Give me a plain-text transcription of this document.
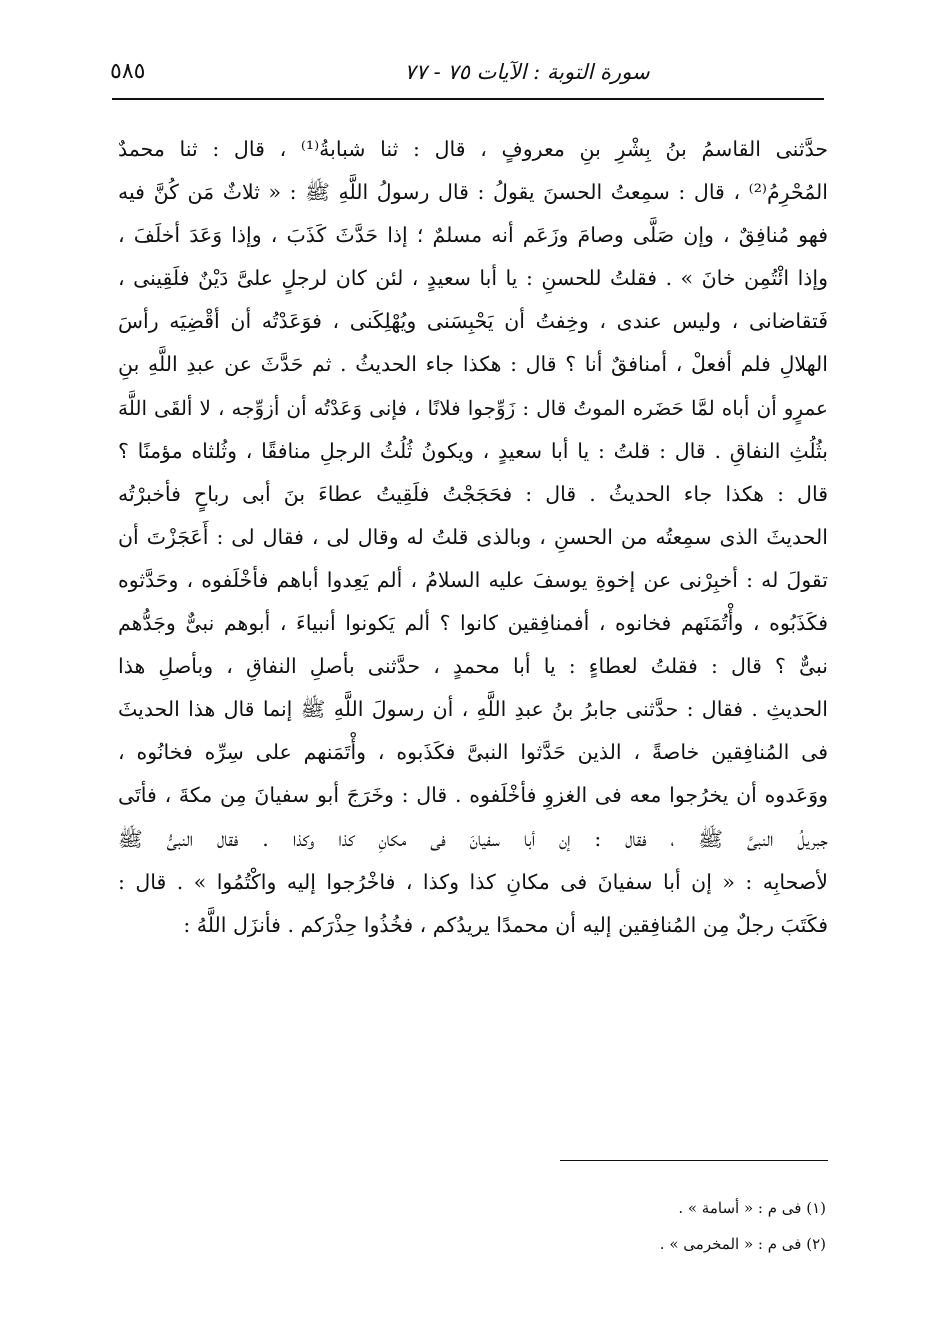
سورة التوبة : الآيات ٧٥ - ٧٧
٥٨٥
حدَّثنى القاسمُ بنُ بِشْرِ بنِ معروفٍ ، قال : ثنا شبابةُ⁽¹⁾ ، قال : ثنا محمدٌ
المُحْرِمُ⁽²⁾ ، قال : سمِعتُ الحسنَ يقولُ : قال رسولُ اللَّهِ ﷺ : « ثلاثٌ مَن كُنَّ فيه
فهو مُنافِقٌ ، وإن صَلَّى وصامَ وزَعَم أنه مسلمٌ ؛ إذا حَدَّثَ كَذَبَ ، وإذا وَعَدَ أخلَفَ ،
وإذا ائْتُمِن خانَ » . فقلتُ للحسنِ : يا أبا سعيدٍ ، لئن كان لرجلٍ علىَّ دَيْنٌ فلَقِينى ،
فَتقاضانى ، وليس عندى ، وخِفتُ أن يَحْبِسَنى ويُهْلِكَنى ، فوَعَدْتُه أن أقْضِيَه رأسَ
الهلالِ فلم أفعلْ ، أمنافقٌ أنا ؟ قال : هكذا جاء الحديثُ . ثم حَدَّثَ عن عبدِ اللَّهِ بنِ
عمرٍو أن أباه لمَّا حَضَره الموتُ قال : زَوِّجوا فلانًا ، فإنى وَعَدْتُه أن أزوِّجه ، لا ألقَى اللَّهَ
بثُلُثِ النفاقِ . قال : قلتُ : يا أبا سعيدٍ ، ويكونُ ثُلُثُ الرجلِ منافقًا ، وثُلثاه مؤمنًا ؟
قال : هكذا جاء الحديثُ . قال : فحَجَجْتُ فلَقِيتُ عطاءَ بنَ أبى رباحٍ فأخبرْتُه
الحديثَ الذى سمِعتُه من الحسنِ ، وبالذى قلتُ له وقال لى ، فقال لى : أَعَجَزْتَ أن
تقولَ له : أخبِرْنى عن إخوةِ يوسفَ عليه السلامُ ، ألم يَعِدوا أباهم فأخْلَفوه ، وحَدَّثوه
فكَذَبُوه ، وأْتُمَنَهم فخانوه ، أفمنافِقين كانوا ؟ ألم يَكونوا أنبياءَ ، أبوهم نبىٌّ وجَدُّهم
نبىٌّ ؟ قال : فقلتُ لعطاءٍ : يا أبا محمدٍ ، حدَّثنى بأصلِ النفاقِ ، وبأصلِ هذا
الحديثِ . فقال : حدَّثنى جابرُ بنُ عبدِ اللَّهِ ، أن رسولَ اللَّهِ ﷺ إنما قال هذا الحديثَ
فى المُنافِقين خاصةً ، الذين حَدَّثوا النبىَّ فكَذَبوه ، وأْتَمَنهم على سِرِّه فخانُوه ،
ووَعَدوه أن يخرُجوا معه فى الغزوِ فأخْلَفوه . قال : وخَرَجَ أبو سفيانَ مِن مكةَ ، فأتَى
جبريلُ النبىَّ ﷺ ، فقال : إن أبا سفيانَ فى مكانِ كذا وكذا . فقال النبىُّ ﷺ
لأصحابِه : « إن أبا سفيانَ فى مكانِ كذا وكذا ، فاخْرُجوا إليه واكْتُمُوا » . قال :
فكَتَبَ رجلٌ مِن المُنافِقين إليه أن محمدًا يريدُكم ، فخُذُوا حِذْرَكم . فأنزَل اللَّهُ :
(١) فى م : « أسامة » .
(٢) فى م : « المخرمى » .
